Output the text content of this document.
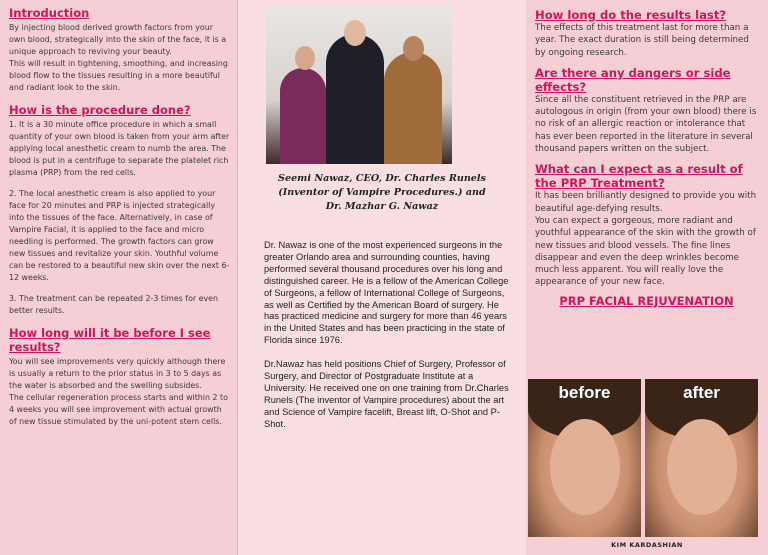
Introduction

By injecting blood derived growth factors from your own blood, strategically into the skin of the face, it is a unique approach to reviving your beauty.

This will result in tightening, smoothing, and increasing blood flow to the tissues resulting in a more beautiful and radiant look to the skin.

How is the procedure done?

1. It is a 30 minute office procedure in which a small quantity of your own blood is taken from your arm after applying local anesthetic cream to numb the area. The blood is put in a centrifuge to separate the platelet rich plasma (PRP) from the red cells.

2. The local anesthetic cream is also applied to your face for 20 minutes and PRP is injected strategically into the tissues of the face. Alternatively, in case of Vampire Facial, it is applied to the face and micro needling is performed. The growth factors can grow new tissues and revitalize your skin. Youthful volume can be restored to a beautiful new skin over the next 6-12 weeks.

3. The treatment can be repeated 2-3 times for even better results.

How long will it be before I see results?

You will see improvements very quickly although there is usually a return to the prior status in 3 to 5 days as the water is absorbed and the swelling subsides.

The cellular regeneration process starts and within 2 to 4 weeks you will see improvement with actual growth of new tissue stimulated by the uni-potent stem cells.

Seemi Nawaz, CEO, Dr. Charles Runels
(Inventor of Vampire Procedures.) and
Dr. Mazhar G. Nawaz

Dr. Nawaz is one of the most experienced surgeons in the greater Orlando area and surrounding counties, having performed several thousand procedures over his long and distinguished career. He is a fellow of the American College of Surgeons, a fellow of International College of Surgeons, as well as Certified by the American Board of surgery. He has practiced medicine and surgery for more than 46 years in the United States and has been practicing in the state of Florida since 1976.

Dr.Nawaz has held positions Chief of Surgery, Professor of Surgery, and Director of Postgraduate Institute at a University. He received one on one training from Dr.Charles Runels (The inventor of Vampire procedures) about the art and Science of Vampire facelift, Breast lift, O-Shot and P-Shot.

How long do the results last?

The effects of this treatment last for more than a year. The exact duration is still being determined by ongoing research.

Are there any dangers or side effects?

Since all the constituent retrieved in the PRP are autologous in origin (from your own blood) there is no risk of an allergic reaction or intolerance that has ever been reported in the literature in several thousand papers written on the subject.

What can I expect as a result of the PRP Treatment?

It has been brilliantly designed to provide you with beautiful age-defying results.

You can expect a gorgeous, more radiant and youthful appearance of the skin with the growth of new tissues and blood vessels. The fine lines disappear and even the deep wrinkles become much less apparent. You will really love the appearance of your new face.

PRP FACIAL REJUVENATION
before	after
KIM KARDASHIAN
